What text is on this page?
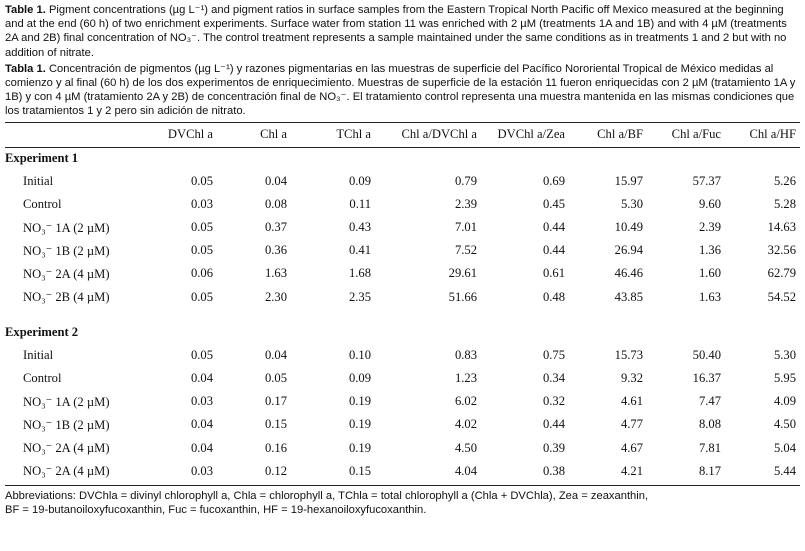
Table 1. Pigment concentrations (µg L⁻¹) and pigment ratios in surface samples from the Eastern Tropical North Pacific off Mexico measured at the beginning and at the end (60 h) of two enrichment experiments. Surface water from station 11 was enriched with 2 µM (treatments 1A and 1B) and with 4 µM (treatments 2A and 2B) final concentration of NO₃⁻. The control treatment represents a sample maintained under the same conditions as in treatments 1 and 2 but with no addition of nitrate.

Tabla 1. Concentración de pigmentos (µg L⁻¹) y razones pigmentarias en las muestras de superficie del Pacífico Nororiental Tropical de México medidas al comienzo y al final (60 h) de los dos experimentos de enriquecimiento. Muestras de superficie de la estación 11 fueron enriquecidas con 2 µM (tratamiento 1A y 1B) y con 4 µM (tratamiento 2A y 2B) de concentración final de NO₃⁻. El tratamiento control representa una muestra mantenida en las mismas condiciones que los tratamientos 1 y 2 pero sin adición de nitrato.

	DVChl a	Chl a	TChl a	Chl a/DVChl a	DVChl a/Zea	Chl a/BF	Chl a/Fuc	Chl a/HF

Experiment 1								
Initial	0.05	0.04	0.09	0.79	0.69	15.97	57.37	5.26
Control	0.03	0.08	0.11	2.39	0.45	5.30	9.60	5.28
NO₃⁻ 1A (2 µM)	0.05	0.37	0.43	7.01	0.44	10.49	2.39	14.63
NO₃⁻ 1B (2 µM)	0.05	0.36	0.41	7.52	0.44	26.94	1.36	32.56
NO₃⁻ 2A (4 µM)	0.06	1.63	1.68	29.61	0.61	46.46	1.60	62.79
NO₃⁻ 2B (4 µM)	0.05	2.30	2.35	51.66	0.48	43.85	1.63	54.52

Experiment 2								
Initial	0.05	0.04	0.10	0.83	0.75	15.73	50.40	5.30
Control	0.04	0.05	0.09	1.23	0.34	9.32	16.37	5.95
NO₃⁻ 1A (2 µM)	0.03	0.17	0.19	6.02	0.32	4.61	7.47	4.09
NO₃⁻ 1B (2 µM)	0.04	0.15	0.19	4.02	0.44	4.77	8.08	4.50
NO₃⁻ 2A (4 µM)	0.04	0.16	0.19	4.50	0.39	4.67	7.81	5.04
NO₃⁻ 2A (4 µM)	0.03	0.12	0.15	4.04	0.38	4.21	8.17	5.44

Abbreviations: DVChla = divinyl chlorophyll a, Chla = chlorophyll a, TChla = total chlorophyll a (Chla + DVChla), Zea = zeaxanthin,
BF = 19-butanoiloxyfucoxanthin, Fuc = fucoxanthin, HF = 19-hexanoiloxyfucoxanthin.
